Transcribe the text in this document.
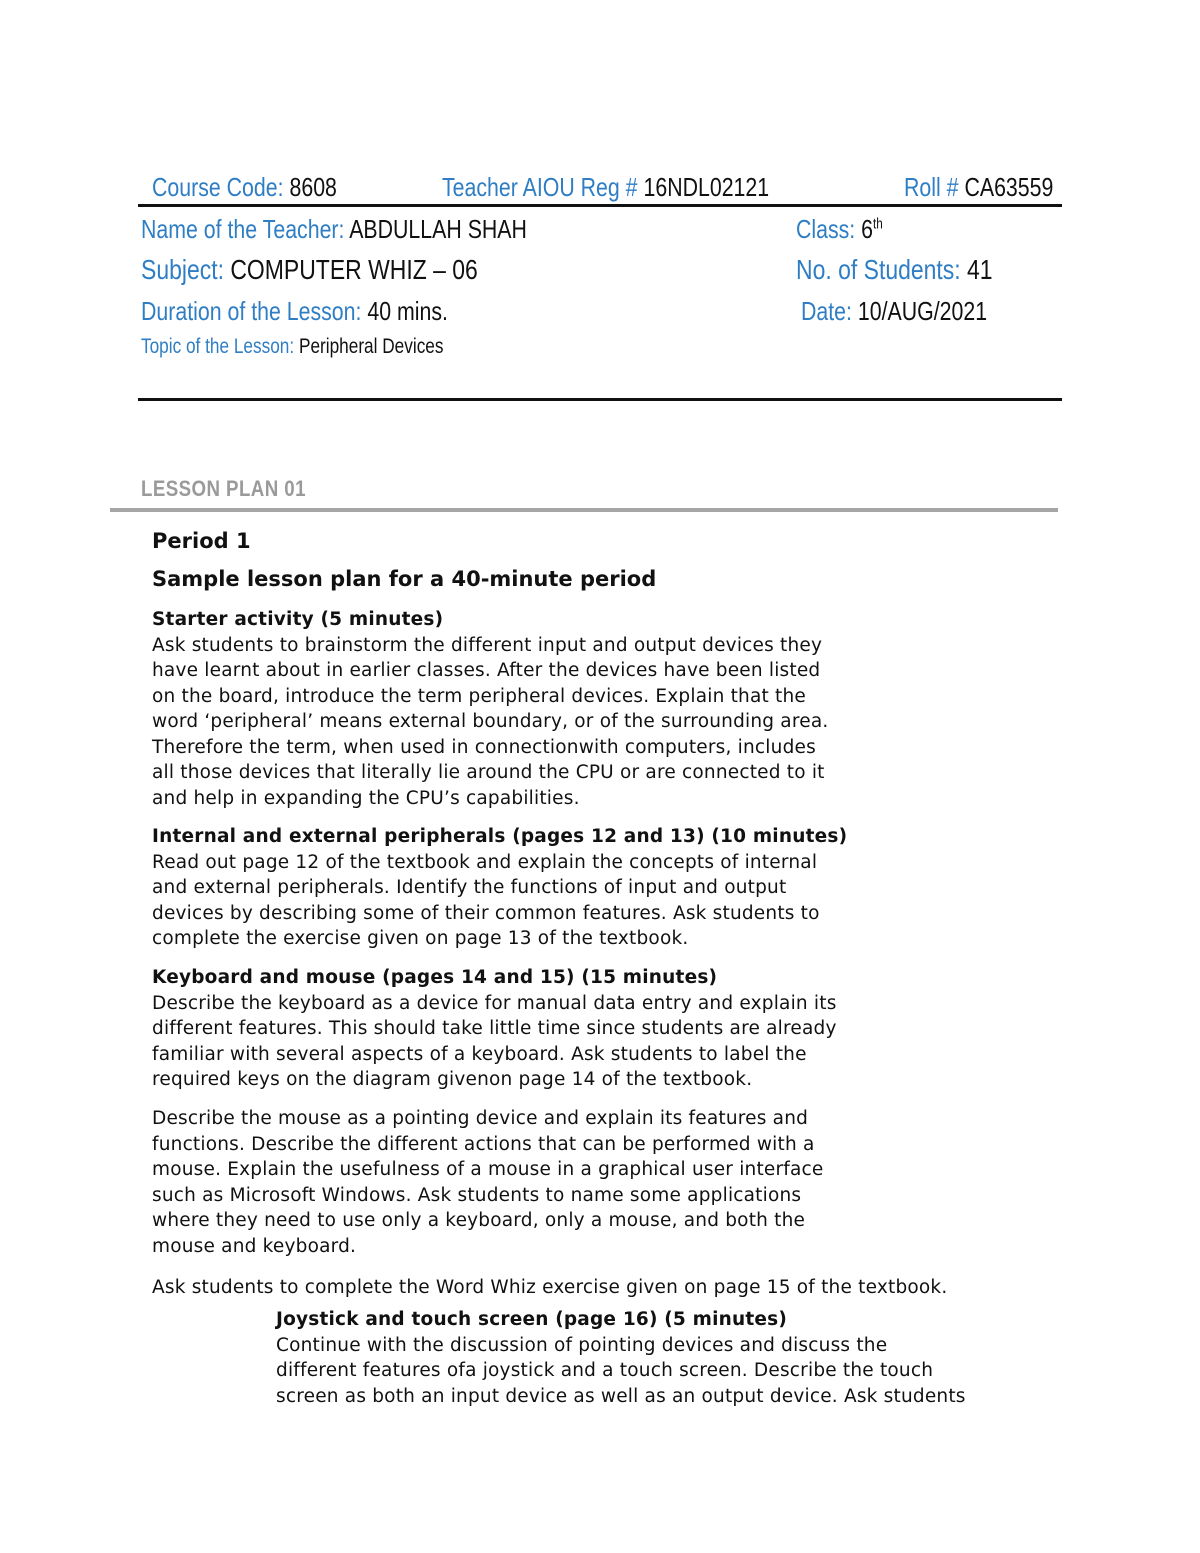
Course Code: 8608	Teacher AIOU Reg # 16NDL02121	Roll # CA63559
Name of the Teacher: ABDULLAH SHAH	Class: 6th
Subject: COMPUTER WHIZ – 06	No. of Students: 41
Duration of the Lesson: 40 mins.	Date: 10/AUG/2021
Topic of the Lesson: Peripheral Devices
LESSON PLAN 01
Period 1
Sample lesson plan for a 40-minute period
Starter activity (5 minutes)
Ask students to brainstorm the different input and output devices they
have learnt about in earlier classes. After the devices have been listed
on the board, introduce the term peripheral devices. Explain that the
word ‘peripheral’ means external boundary, or of the surrounding area.
Therefore the term, when used in connectionwith computers, includes
all those devices that literally lie around the CPU or are connected to it
and help in expanding the CPU’s capabilities.
Internal and external peripherals (pages 12 and 13) (10 minutes)
Read out page 12 of the textbook and explain the concepts of internal
and external peripherals. Identify the functions of input and output
devices by describing some of their common features. Ask students to
complete the exercise given on page 13 of the textbook.
Keyboard and mouse (pages 14 and 15) (15 minutes)
Describe the keyboard as a device for manual data entry and explain its
different features. This should take little time since students are already
familiar with several aspects of a keyboard. Ask students to label the
required keys on the diagram givenon page 14 of the textbook.
Describe the mouse as a pointing device and explain its features and
functions. Describe the different actions that can be performed with a
mouse. Explain the usefulness of a mouse in a graphical user interface
such as Microsoft Windows. Ask students to name some applications
where they need to use only a keyboard, only a mouse, and both the
mouse and keyboard.
Ask students to complete the Word Whiz exercise given on page 15 of the textbook.
Joystick and touch screen (page 16) (5 minutes)
Continue with the discussion of pointing devices and discuss the
different features ofa joystick and a touch screen. Describe the touch
screen as both an input device as well as an output device. Ask students
